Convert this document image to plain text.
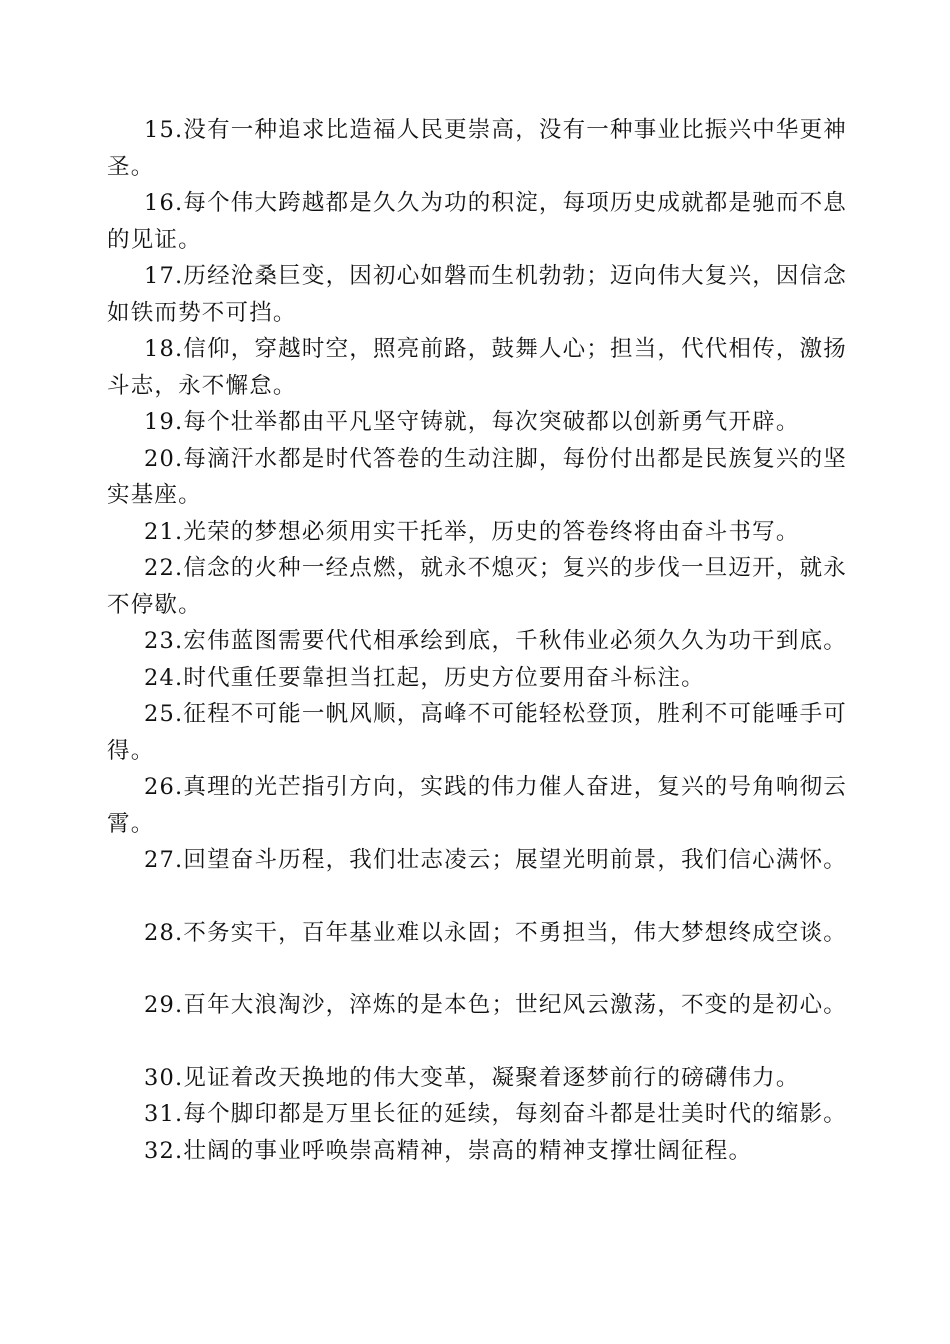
15.没有一种追求比造福人民更崇高，没有一种事业比振兴中华更神圣。

16.每个伟大跨越都是久久为功的积淀，每项历史成就都是驰而不息的见证。

17.历经沧桑巨变，因初心如磐而生机勃勃；迈向伟大复兴，因信念如铁而势不可挡。

18.信仰，穿越时空，照亮前路，鼓舞人心；担当，代代相传，激扬斗志，永不懈怠。

19.每个壮举都由平凡坚守铸就，每次突破都以创新勇气开辟。

20.每滴汗水都是时代答卷的生动注脚，每份付出都是民族复兴的坚实基座。

21.光荣的梦想必须用实干托举，历史的答卷终将由奋斗书写。

22.信念的火种一经点燃，就永不熄灭；复兴的步伐一旦迈开，就永不停歇。

23.宏伟蓝图需要代代相承绘到底，千秋伟业必须久久为功干到底。

24.时代重任要靠担当扛起，历史方位要用奋斗标注。

25.征程不可能一帆风顺，高峰不可能轻松登顶，胜利不可能唾手可得。

26.真理的光芒指引方向，实践的伟力催人奋进，复兴的号角响彻云霄。

27.回望奋斗历程，我们壮志凌云；展望光明前景，我们信心满怀。

28.不务实干，百年基业难以永固；不勇担当，伟大梦想终成空谈。

29.百年大浪淘沙，淬炼的是本色；世纪风云激荡，不变的是初心。

30.见证着改天换地的伟大变革，凝聚着逐梦前行的磅礴伟力。

31.每个脚印都是万里长征的延续，每刻奋斗都是壮美时代的缩影。

32.壮阔的事业呼唤崇高精神，崇高的精神支撑壮阔征程。
